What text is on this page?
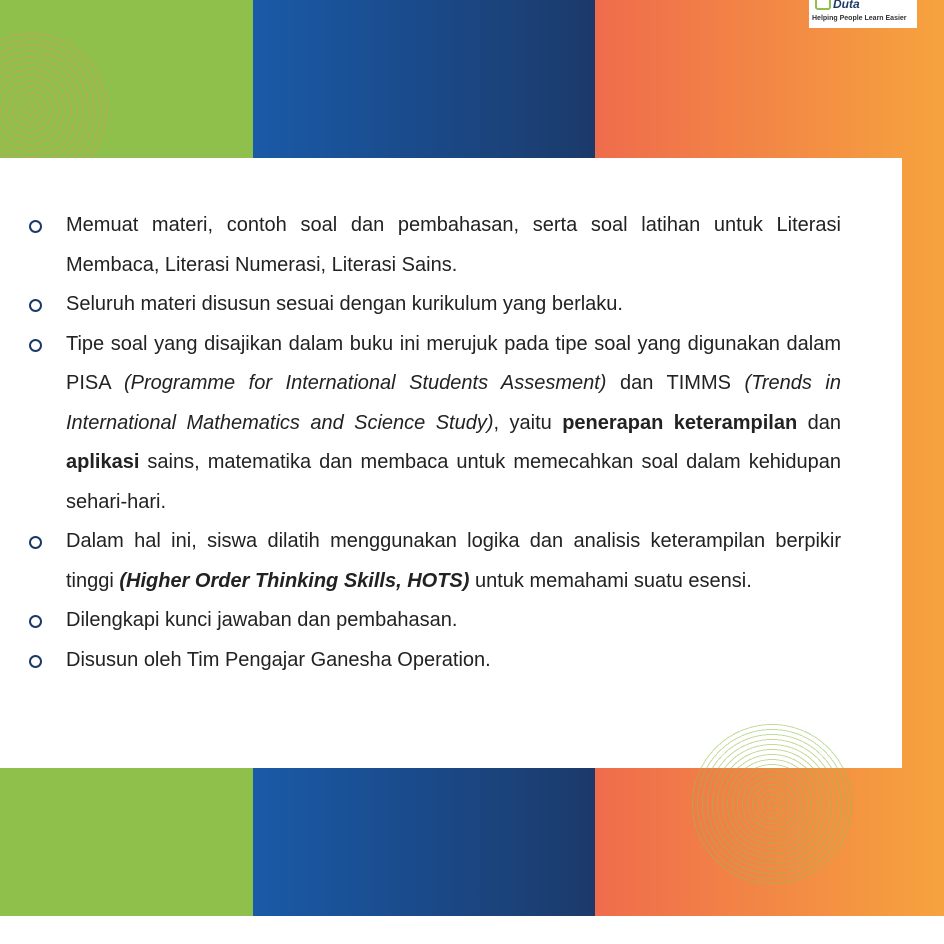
Duta
Helping People Learn Easier
Memuat materi, contoh soal dan pembahasan, serta soal latihan untuk Literasi Membaca, Literasi Numerasi, Literasi Sains.
Seluruh materi disusun sesuai dengan kurikulum yang berlaku.
Tipe soal yang disajikan dalam buku ini merujuk pada tipe soal yang digunakan dalam PISA (Programme for International Students Assesment) dan TIMMS (Trends in International Mathematics and Science Study), yaitu penerapan keterampilan dan aplikasi sains, matematika dan membaca untuk memecahkan soal dalam kehidupan sehari-hari.
Dalam hal ini, siswa dilatih menggunakan logika dan analisis keterampilan berpikir tinggi (Higher Order Thinking Skills, HOTS) untuk memahami suatu esensi.
Dilengkapi kunci jawaban dan pembahasan.
Disusun oleh Tim Pengajar Ganesha Operation.
